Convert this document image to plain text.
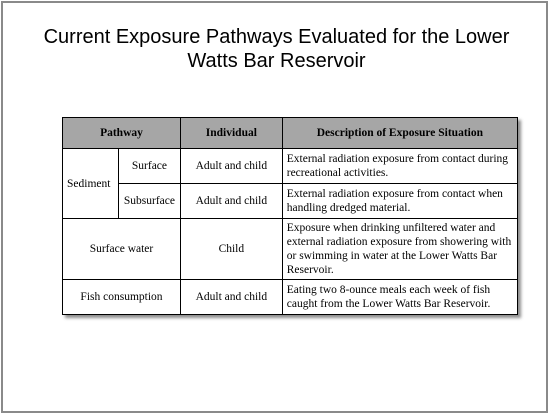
Current Exposure Pathways Evaluated for the Lower
Watts Bar Reservoir
Pathway		Individual	Description of Exposure Situation
Sediment	Surface	Adult and child	External radiation exposure from contact during recreational activities.
	Subsurface	Adult and child	External radiation exposure from contact when handling dredged material.
Surface water		Child	Exposure when drinking unfiltered water and external radiation exposure from showering with or swimming in water at the Lower Watts Bar Reservoir.
Fish consumption		Adult and child	Eating two 8-ounce meals each week of fish caught from the Lower Watts Bar Reservoir.
